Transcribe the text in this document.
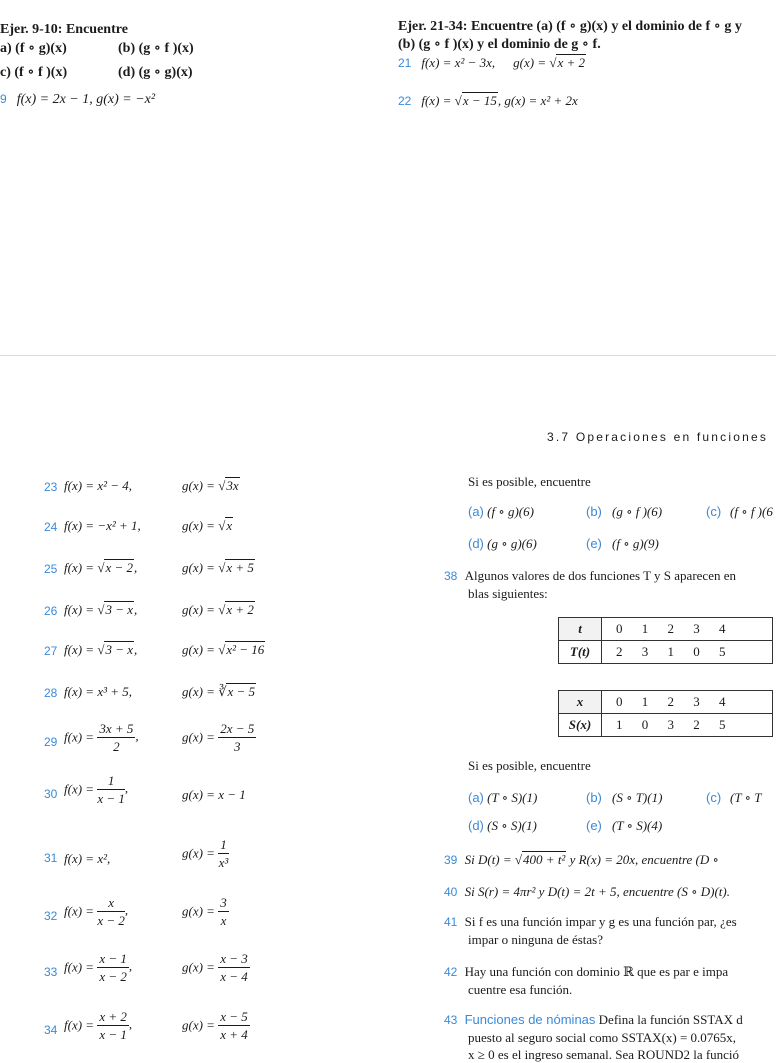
Ejer. 9-10: Encuentre
a) (f ∘ g)(x)	(b) (g ∘ f )(x)
c) (f ∘ f )(x)	(d) (g ∘ g)(x)
9 f(x) = 2x − 1, g(x) = −x²
Ejer. 21-34: Encuentre (a) (f ∘ g)(x) y el dominio de f ∘ g y
(b) (g ∘ f )(x) y el dominio de g ∘ f.
21 f(x) = x² − 3x, g(x) = √x + 2
22 f(x) = √x − 15, g(x) = x² + 2x
3.7 Operaciones en funciones
23 f(x) = x² − 4,	g(x) = √3x
24 f(x) = −x² + 1,	g(x) = √x
25 f(x) = √x − 2,	g(x) = √x + 5
26 f(x) = √3 − x,	g(x) = √x + 2
27 f(x) = √3 − x,	g(x) = √x² − 16
28 f(x) = x³ + 5,	g(x) = ∛x − 5
29 $f(x) = \frac{3x + 5}{2}$ ,	$g(x) = \frac{2x - 5}{3}$
30 $f(x) = \frac{1}{x - 1}$ ,	g(x) = x − 1
31 f(x) = x²,	$g(x) = \frac{1}{\text{x³}}$
32 $f(x) = \frac{x}{x - 2}$ ,	$g(x) = \frac{3}{x}$
33 $f(x) = \frac{x - 1}{x - 2}$ ,	$g(x) = \frac{x - 3}{x - 4}$
34 $f(x) = \frac{x + 2}{x - 1}$ ,	$g(x) = \frac{x - 5}{x + 4}$
Si es posible, encuentre
(a) (f ∘ g)(6)	(b) (g ∘ f )(6)	(c) (f ∘ f )(6
(d) (g ∘ g)(6)	(e) (f ∘ g)(9)
38 Algunos valores de dos funciones T y S aparecen en
blas siguientes:
t	0 1 2 3 4
T(t)	2 3 1 0 5
x	0 1 2 3 4
S(x)	1 0 3 2 5
Si es posible, encuentre
(a) (T ∘ S)(1)	(b) (S ∘ T)(1)	(c) (T ∘ T
(d) (S ∘ S)(1)	(e) (T ∘ S)(4)
39 Si D(t) = √400 + t² y R(x) = 20x, encuentre (D ∘
40 Si S(r) = 4πr² y D(t) = 2t + 5, encuentre (S ∘ D)(t).
41 Si f es una función impar y g es una función par, ¿es
impar o ninguna de éstas?
42 Hay una función con dominio ℝ que es par e impa
cuentre esa función.
43 Funciones de nóminas Defina la función SSTAX d
puesto al seguro social como SSTAX(x) = 0.0765x,
x ≥ 0 es el ingreso semanal. Sea ROUND2 la funció
